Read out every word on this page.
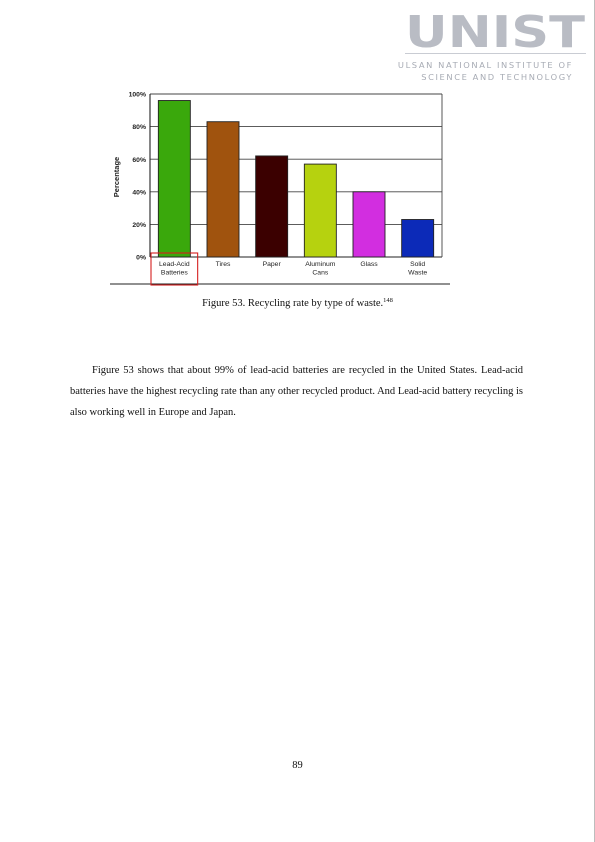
UNIST
ULSAN NATIONAL INSTITUTE OF
SCIENCE AND TECHNOLOGY
0%
20%
40%
60%
80%
100%
Lead-Acid
Batteries
Tires	Paper	Aluminum
Cans
Glass	Solid
Waste
Percentage
Figure 53. Recycling rate by type of waste.$^{148}$

Figure 53 shows that about 99% of lead-acid batteries are recycled in the United States. Lead-acid batteries have the highest recycling rate than any other recycled product. And Lead-acid battery recycling is also working well in Europe and Japan.

89
